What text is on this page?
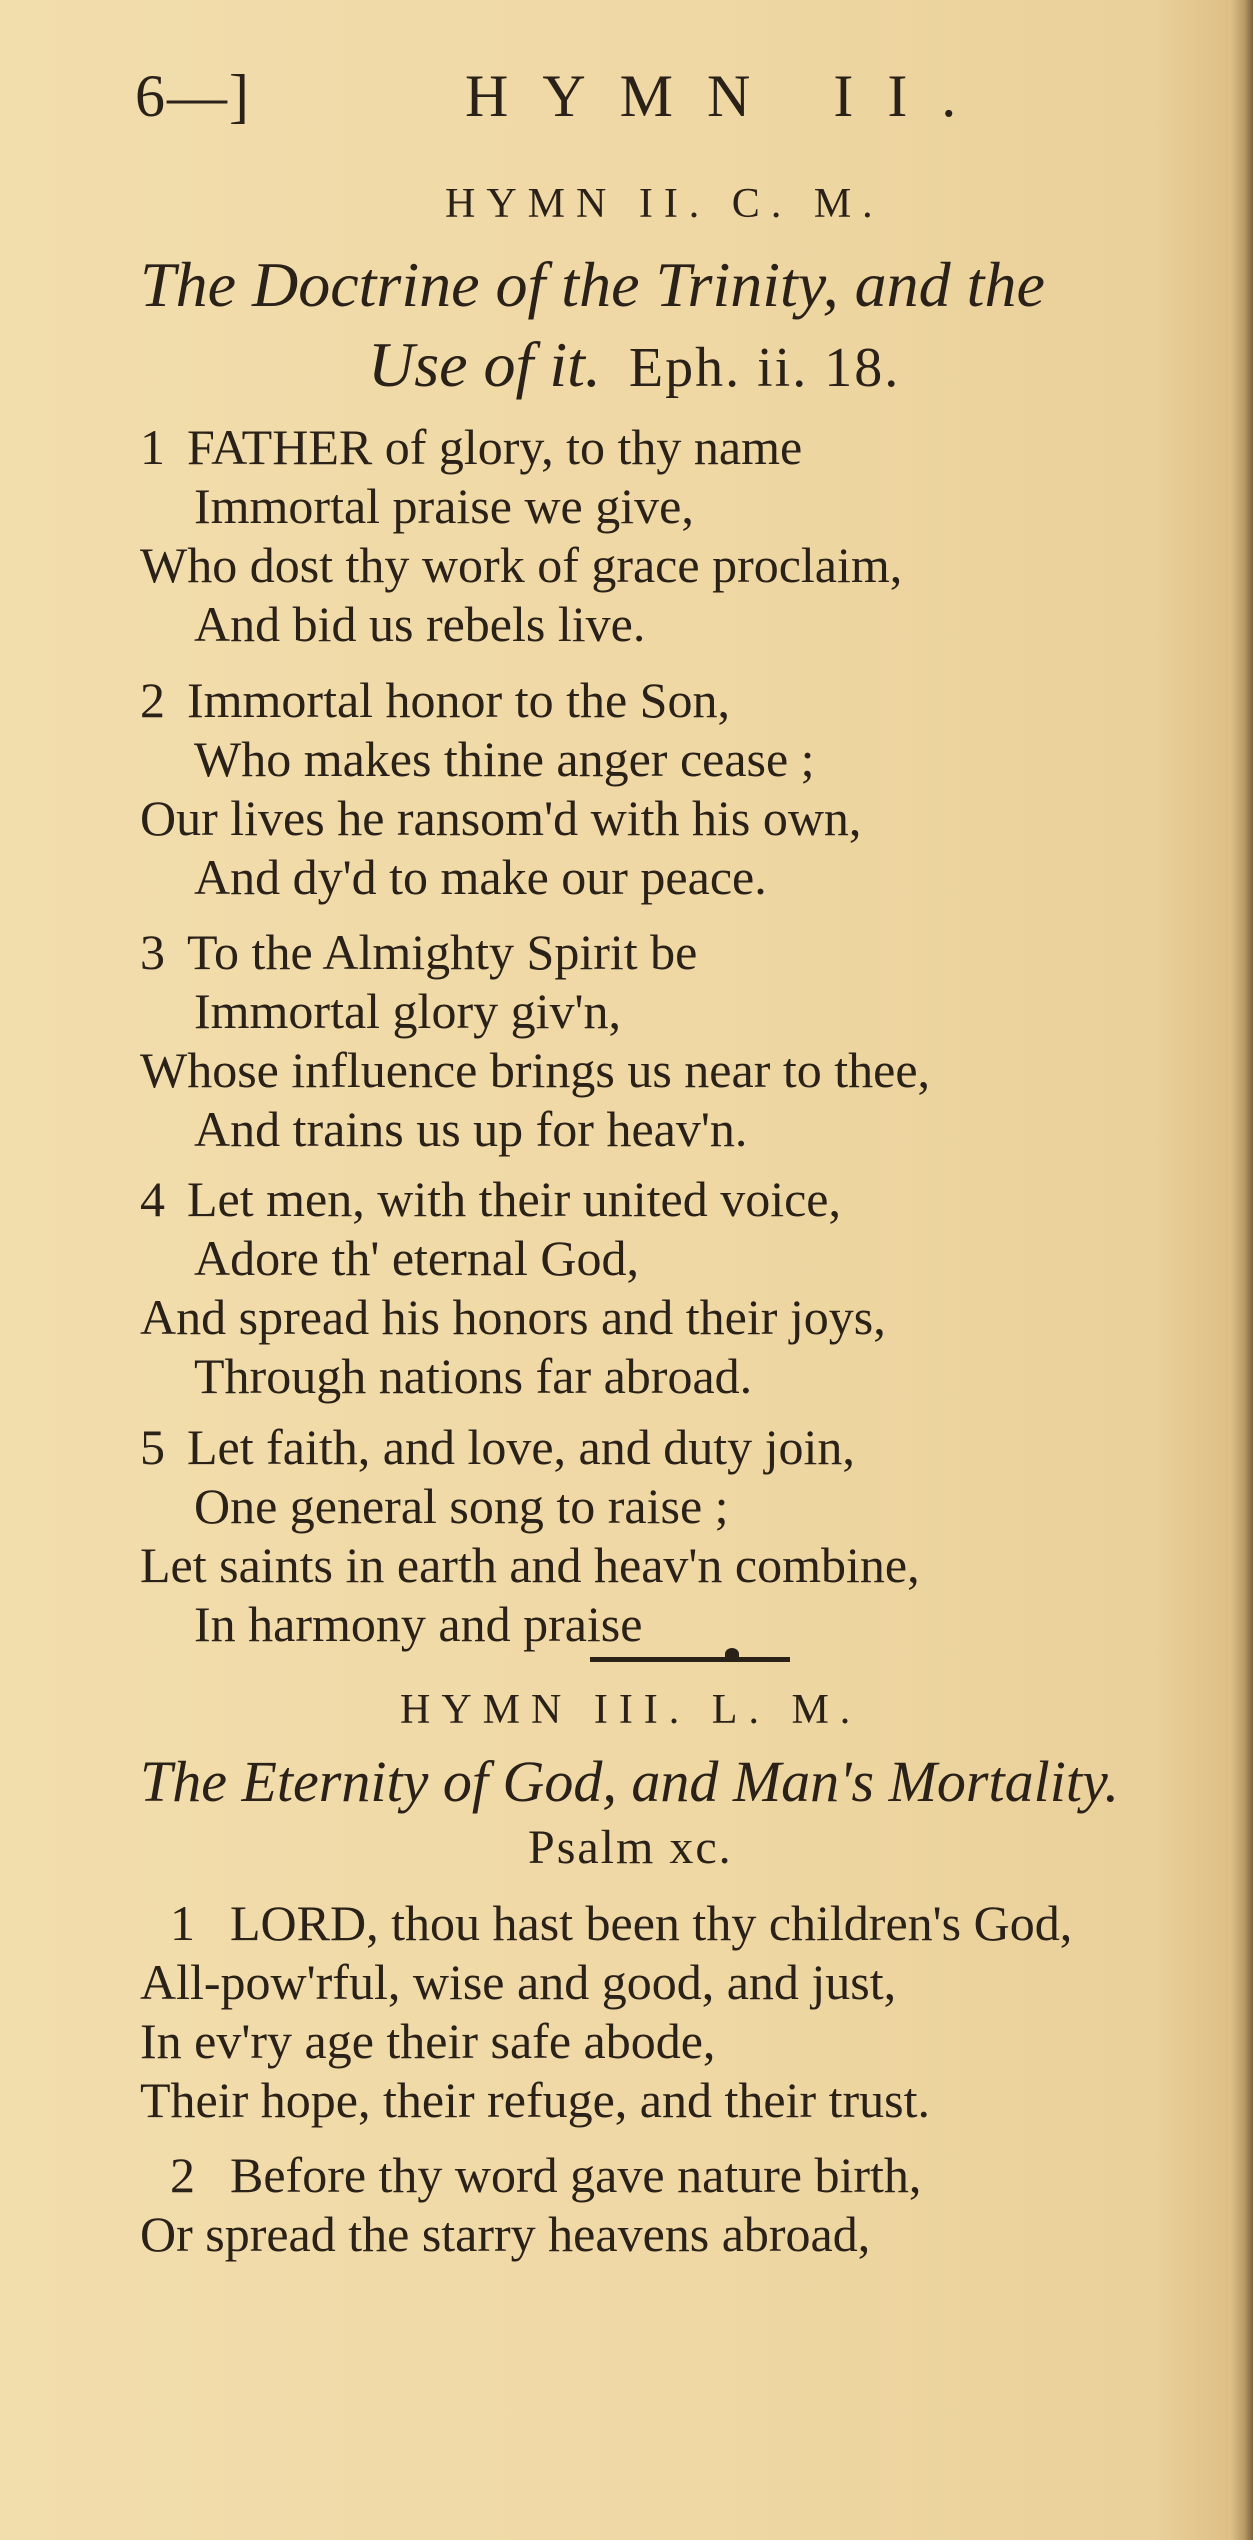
6—]	HYMN II.
HYMN II. C. M.
The Doctrine of the Trinity, and the
Use of it. Eph. ii. 18.
1 FATHER of glory, to thy name
Immortal praise we give,
Who dost thy work of grace proclaim,
And bid us rebels live.
2 Immortal honor to the Son,
Who makes thine anger cease ;
Our lives he ransom'd with his own,
And dy'd to make our peace.
3 To the Almighty Spirit be
Immortal glory giv'n,
Whose influence brings us near to thee,
And trains us up for heav'n.
4 Let men, with their united voice,
Adore th' eternal God,
And spread his honors and their joys,
Through nations far abroad.
5 Let faith, and love, and duty join,
One general song to raise ;
Let saints in earth and heav'n combine,
In harmony and praise
HYMN III. L. M.
The Eternity of God, and Man's Mortality.
Psalm xc.
1 LORD, thou hast been thy children's God,
All-pow'rful, wise and good, and just,
In ev'ry age their safe abode,
Their hope, their refuge, and their trust.
2 Before thy word gave nature birth,
Or spread the starry heavens abroad,
